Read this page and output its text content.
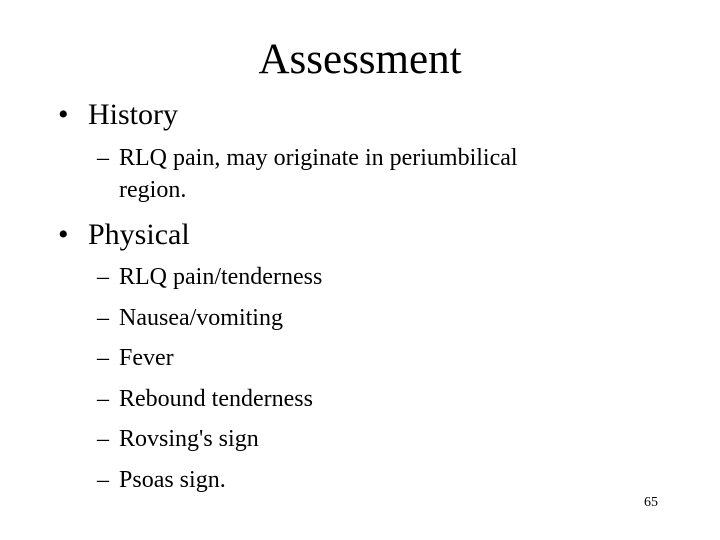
Assessment
• History
– RLQ pain, may originate in periumbilical
region.
• Physical
– RLQ pain/tenderness
– Nausea/vomiting
– Fever
– Rebound tenderness
– Rovsing's sign
– Psoas sign.
65
